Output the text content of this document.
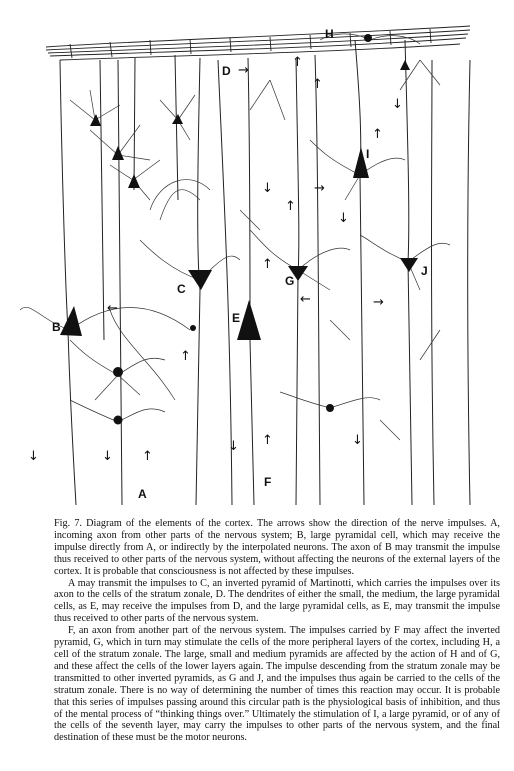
↑
→
↑
↓
↑
→
↑
↓
↓
↑
→
←
←
↑
↓	↓ ↑
↓ ↑	↓
A
B
C
D
E
F
G
H
I
J

Fig. 7. Diagram of the elements of the cortex. The arrows show the direction of the nerve impulses. A, incoming axon from other parts of the nervous system; B, large pyramidal cell, which may receive the impulse directly from A, or indirectly by the interpolated neurons. The axon of B may transmit the impulse thus received to other parts of the nervous system, without affecting the neurons of the external layers of the cortex. It is probable that consciousness is not affected by these impulses.

A may transmit the impulses to C, an inverted pyramid of Martinotti, which carries the impulses over its axon to the cells of the stratum zonale, D. The dendrites of either the small, the medium, the large pyramidal cells, as E, may receive the impulses from D, and the large pyramidal cells, as E, may transmit the impulse thus received to other parts of the nervous system.

F, an axon from another part of the nervous system. The impulses carried by F may affect the inverted pyramid, G, which in turn may stimulate the cells of the more peripheral layers of the cortex, including H, a cell of the stratum zonale. The large, small and medium pyramids are affected by the action of H and of G, and these affect the cells of the lower layers again. The impulse descending from the stratum zonale may be transmitted to other inverted pyramids, as G and J, and the impulses thus again be carried to the cells of the stratum zonale. There is no way of determining the number of times this reaction may occur. It is probable that this series of impulses passing around this circular path is the physiological basis of inhibition, and thus of the mental process of “thinking things over.” Ultimately the stimulation of I, a large pyramid, or of any of the cells of the seventh layer, may carry the impulses to other parts of the nervous system, and the final destination of these must be the motor neurons.
